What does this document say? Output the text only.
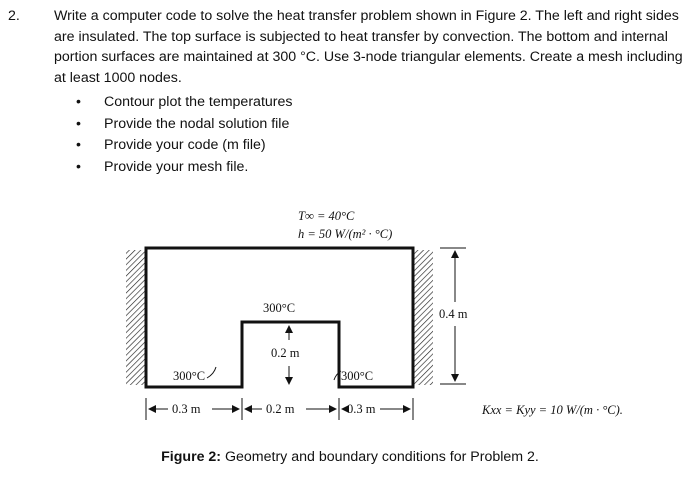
2. Write a computer code to solve the heat transfer problem shown in Figure 2. The left and right sides are insulated. The top surface is subjected to heat transfer by convection. The bottom and internal portion surfaces are maintained at 300 °C. Use 3-node triangular elements. Create a mesh including at least 1000 nodes.
• Contour plot the temperatures
• Provide the nodal solution file
• Provide your code (m file)
• Provide your mesh file.
T∞ = 40°C
h = 50 W/(m² · °C)
300°C
0.2 m
0.4 m
300°C	300°C
0.3 m	0.2 m	0.3 m	Kxx = Kyy = 10 W/(m · °C).
Figure 2: Geometry and boundary conditions for Problem 2.
